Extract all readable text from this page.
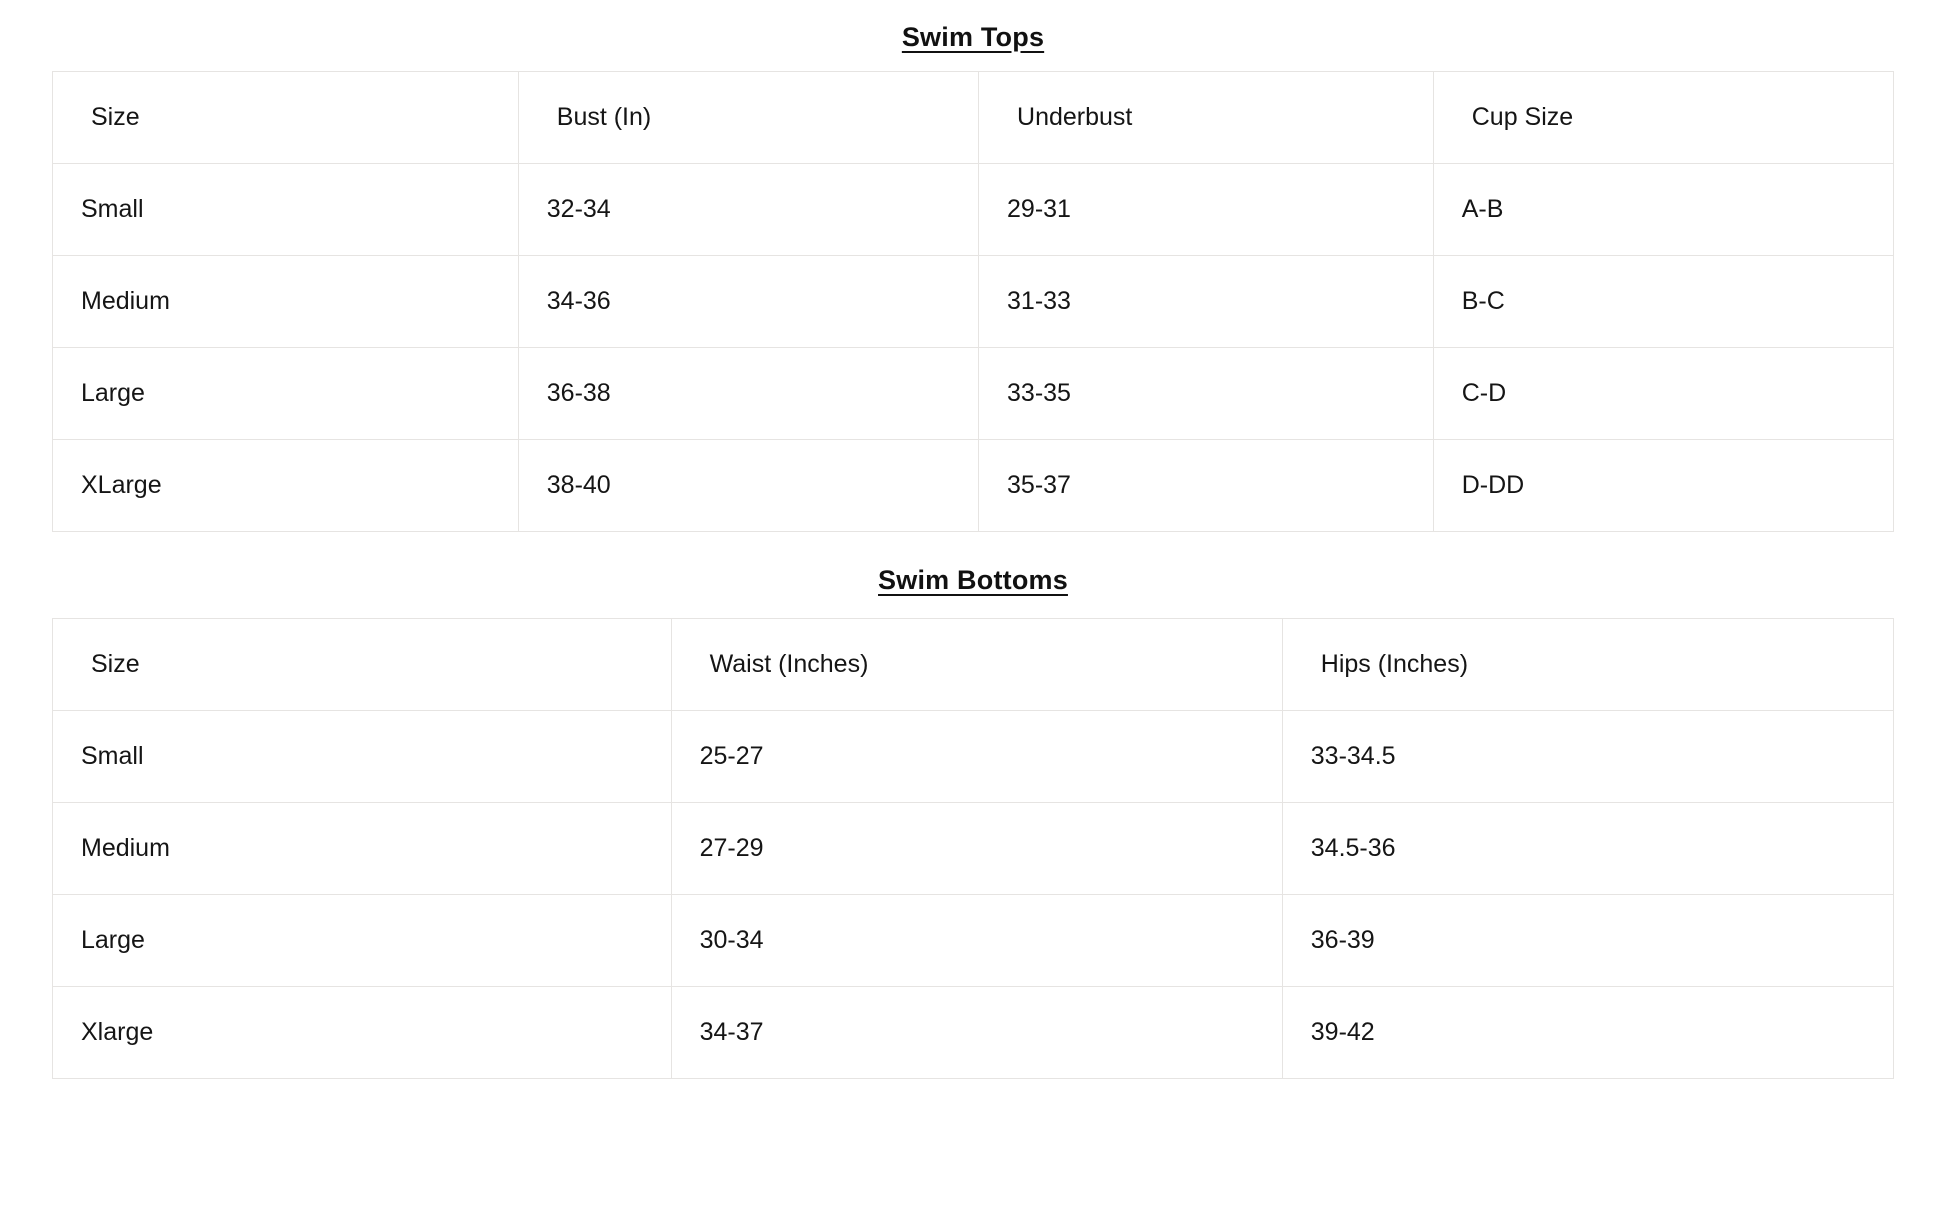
Swim Tops
Size	Bust (In)	Underbust	Cup Size
Small	32-34	29-31	A-B
Medium	34-36	31-33	B-C
Large	36-38	33-35	C-D
XLarge	38-40	35-37	D-DD
Swim Bottoms
Size	Waist (Inches)	Hips (Inches)
Small	25-27	33-34.5
Medium	27-29	34.5-36
Large	30-34	36-39
Xlarge	34-37	39-42
